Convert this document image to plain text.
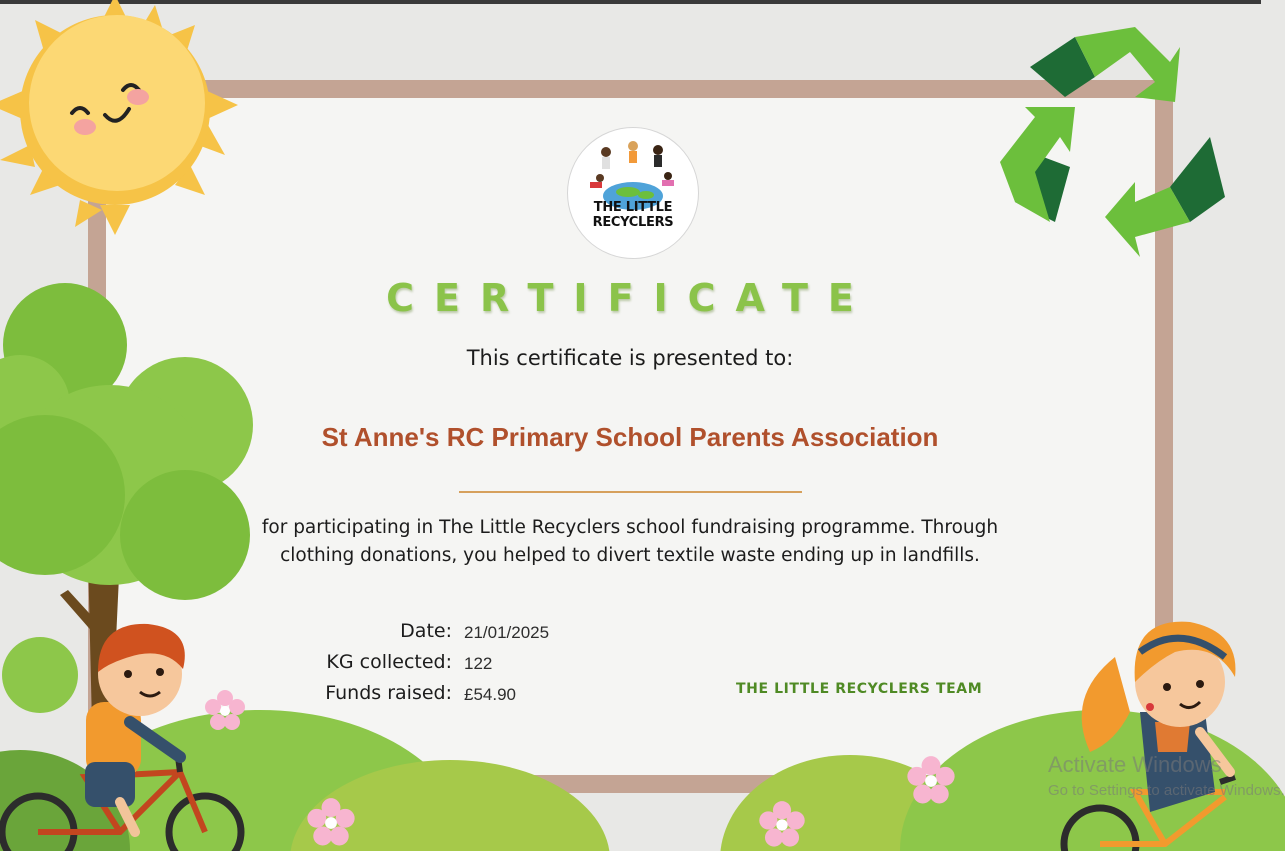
THE LITTLE
RECYCLERS
CERTIFICATE
This certificate is presented to:
St Anne's RC Primary School Parents Association
for participating in The Little Recyclers school fundraising programme. Through clothing donations, you helped to divert textile waste ending up in landfills.
Date: 21/01/2025
KG collected: 122
Funds raised: £54.90	THE LITTLE RECYCLERS TEAM
Activate Windows
Go to Settings to activate Windows.
